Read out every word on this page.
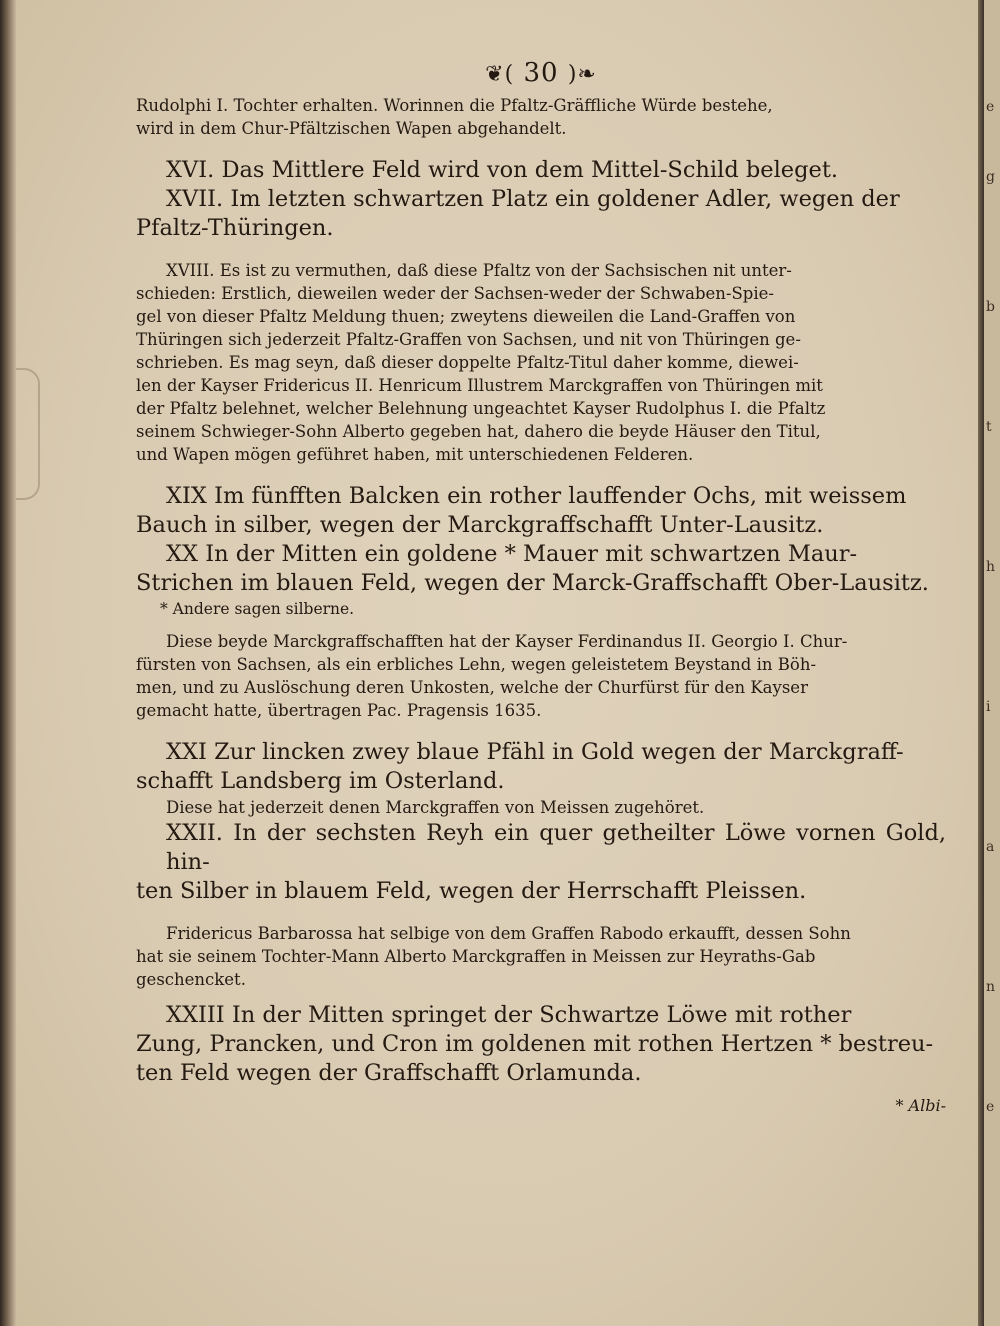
e
g
b
t
h
i
a
n
e
❦( 30 )❧
Rudolphi I. Tochter erhalten. Worinnen die Pfaltz-Gräffliche Würde bestehe,
wird in dem Chur-Pfältzischen Wapen abgehandelt.
XVI. Das Mittlere Feld wird von dem Mittel-Schild beleget.
XVII. Im letzten schwartzen Platz ein goldener Adler, wegen der
Pfaltz-Thüringen.
XVIII. Es ist zu vermuthen, daß diese Pfaltz von der Sachsischen nit unter-
schieden: Erstlich, dieweilen weder der Sachsen-weder der Schwaben-Spie-
gel von dieser Pfaltz Meldung thuen; zweytens dieweilen die Land-Graffen von
Thüringen sich jederzeit Pfaltz-Graffen von Sachsen, und nit von Thüringen ge-
schrieben. Es mag seyn, daß dieser doppelte Pfaltz-Titul daher komme, diewei-
len der Kayser Fridericus II. Henricum Illustrem Marckgraffen von Thüringen mit
der Pfaltz belehnet, welcher Belehnung ungeachtet Kayser Rudolphus I. die Pfaltz
seinem Schwieger-Sohn Alberto gegeben hat, dahero die beyde Häuser den Titul,
und Wapen mögen geführet haben, mit unterschiedenen Felderen.
XIX Im fünfften Balcken ein rother lauffender Ochs, mit weissem
Bauch in silber, wegen der Marckgraffschafft Unter-Lausitz.
XX In der Mitten ein goldene * Mauer mit schwartzen Maur-
Strichen im blauen Feld, wegen der Marck-Graffschafft Ober-Lausitz.
* Andere sagen silberne.
Diese beyde Marckgraffschafften hat der Kayser Ferdinandus II. Georgio I. Chur-
fürsten von Sachsen, als ein erbliches Lehn, wegen geleistetem Beystand in Böh-
men, und zu Auslöschung deren Unkosten, welche der Churfürst für den Kayser
gemacht hatte, übertragen Pac. Pragensis 1635.
XXI Zur lincken zwey blaue Pfähl in Gold wegen der Marckgraff-
schafft Landsberg im Osterland.
Diese hat jederzeit denen Marckgraffen von Meissen zugehöret.
XXII. In der sechsten Reyh ein quer getheilter Löwe vornen Gold, hin-
ten Silber in blauem Feld, wegen der Herrschafft Pleissen.
Fridericus Barbarossa hat selbige von dem Graffen Rabodo erkaufft, dessen Sohn
hat sie seinem Tochter-Mann Alberto Marckgraffen in Meissen zur Heyraths-Gab
geschencket.
XXIII In der Mitten springet der Schwartze Löwe mit rother
Zung, Prancken, und Cron im goldenen mit rothen Hertzen * bestreu-
ten Feld wegen der Graffschafft Orlamunda.
* Albi-
